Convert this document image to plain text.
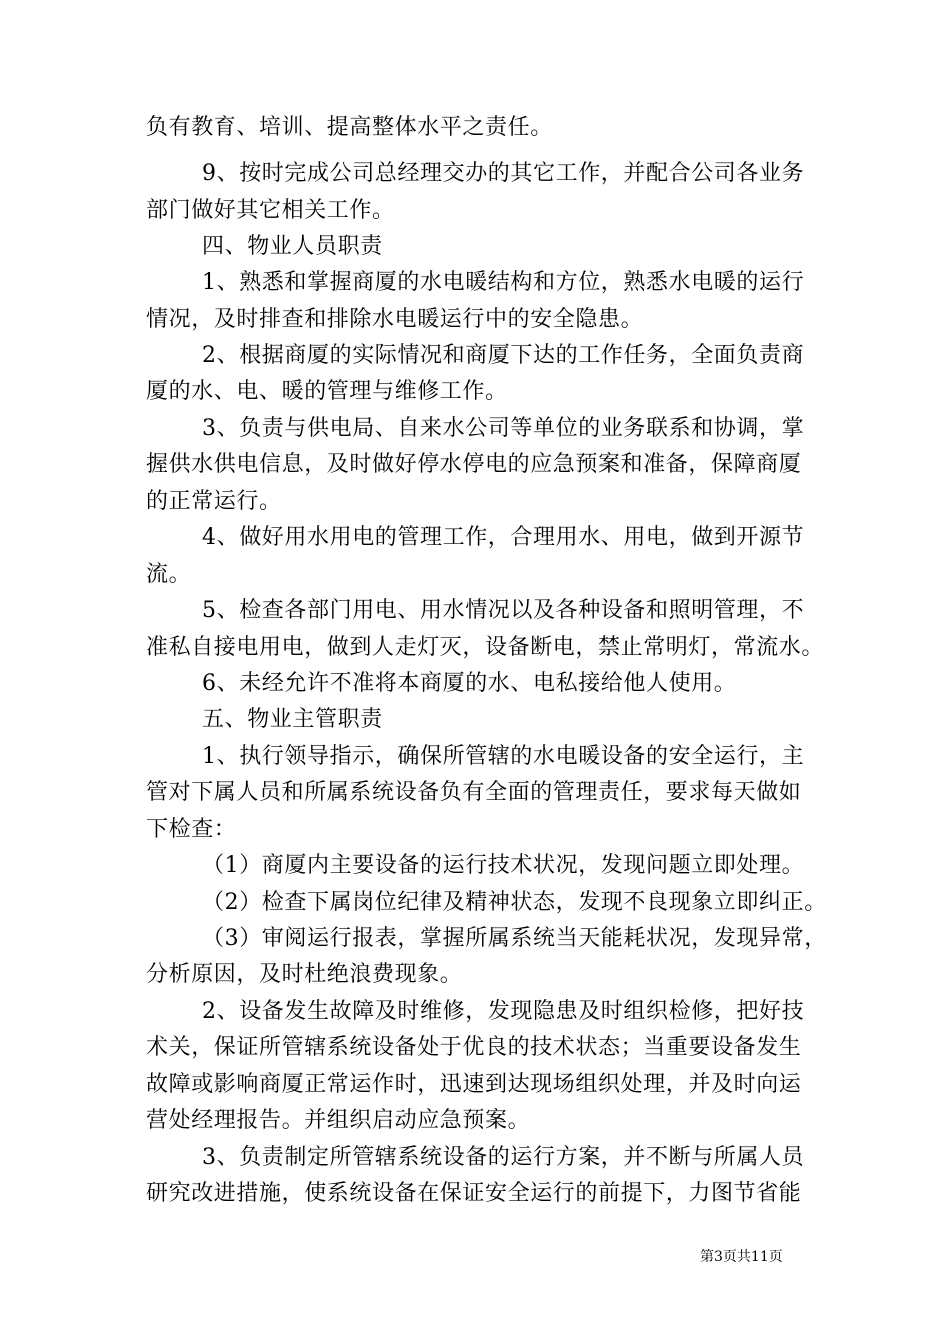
负有教育、培训、提高整体水平之责任。
9、按时完成公司总经理交办的其它工作，并配合公司各业务
部门做好其它相关工作。
四、物业人员职责
1、熟悉和掌握商厦的水电暖结构和方位，熟悉水电暖的运行
情况，及时排查和排除水电暖运行中的安全隐患。
2、根据商厦的实际情况和商厦下达的工作任务，全面负责商
厦的水、电、暖的管理与维修工作。
3、负责与供电局、自来水公司等单位的业务联系和协调，掌
握供水供电信息，及时做好停水停电的应急预案和准备，保障商厦
的正常运行。
4、做好用水用电的管理工作，合理用水、用电，做到开源节
流。
5、检查各部门用电、用水情况以及各种设备和照明管理，不
准私自接电用电，做到人走灯灭，设备断电，禁止常明灯，常流水。
6、未经允许不准将本商厦的水、电私接给他人使用。
五、物业主管职责
1、执行领导指示，确保所管辖的水电暖设备的安全运行，主
管对下属人员和所属系统设备负有全面的管理责任，要求每天做如
下检查：
（1）商厦内主要设备的运行技术状况，发现问题立即处理。
（2）检查下属岗位纪律及精神状态，发现不良现象立即纠正。
（3）审阅运行报表，掌握所属系统当天能耗状况，发现异常，
分析原因，及时杜绝浪费现象。
2、设备发生故障及时维修，发现隐患及时组织检修，把好技
术关，保证所管辖系统设备处于优良的技术状态；当重要设备发生
故障或影响商厦正常运作时，迅速到达现场组织处理，并及时向运
营处经理报告。并组织启动应急预案。
3、负责制定所管辖系统设备的运行方案，并不断与所属人员
研究改进措施，使系统设备在保证安全运行的前提下，力图节省能
第3页共11页
